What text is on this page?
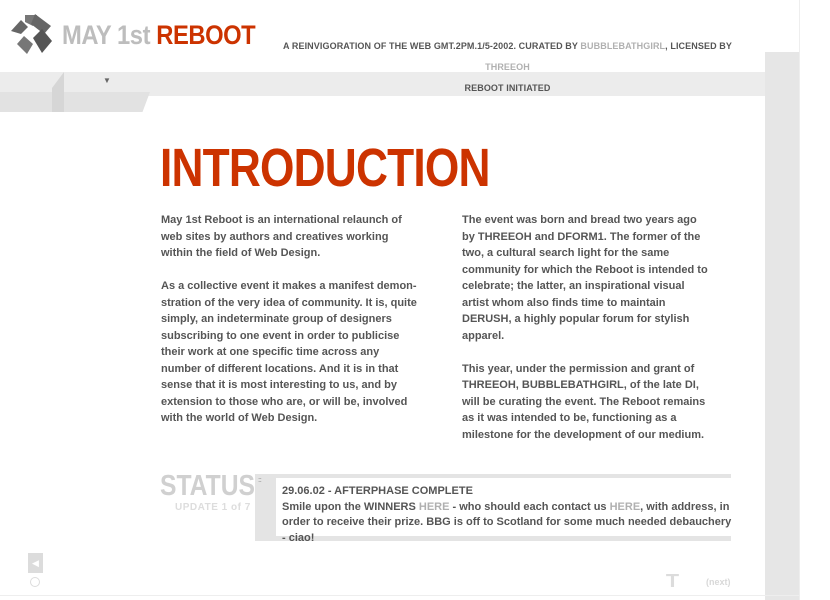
MAY 1st REBOOT	A REINVIGORATION OF THE WEB GMT.2PM.1/5-2002. CURATED BY BUBBLEBATHGIRL, LICENSED BY THREEOH
REBOOT INITIATED
▼
INTRODUCTION

May 1st Reboot is an international relaunch of web sites by authors and creatives working within the field of Web Design.

As a collective event it makes a manifest demon-stration of the very idea of community. It is, quite simply, an indeterminate group of designers subscribing to one event in order to publicise their work at one specific time across any number of different locations. And it is in that sense that it is most interesting to us, and by extension to those who are, or will be, involved with the world of Web Design.

The event was born and bread two years ago by THREEOH and DFORM1. The former of the two, a cultural search light for the same community for which the Reboot is intended to celebrate; the latter, an inspirational visual artist whom also finds time to maintain DERUSH, a highly popular forum for stylish apparel.

This year, under the permission and grant of THREEOH, BUBBLEBATHGIRL, of the late DI, will be curating the event. The Reboot remains as it was intended to be, functioning as a milestone for the development of our medium.

STATUS
UPDATE 1 of 7
:::
29.06.02 - AFTERPHASE COMPLETE
Smile upon the WINNERS HERE - who should each contact us HERE, with address, in order to receive their prize. BBG is off to Scotland for some much needed debauchery - ciao!
◀
T	(next)
